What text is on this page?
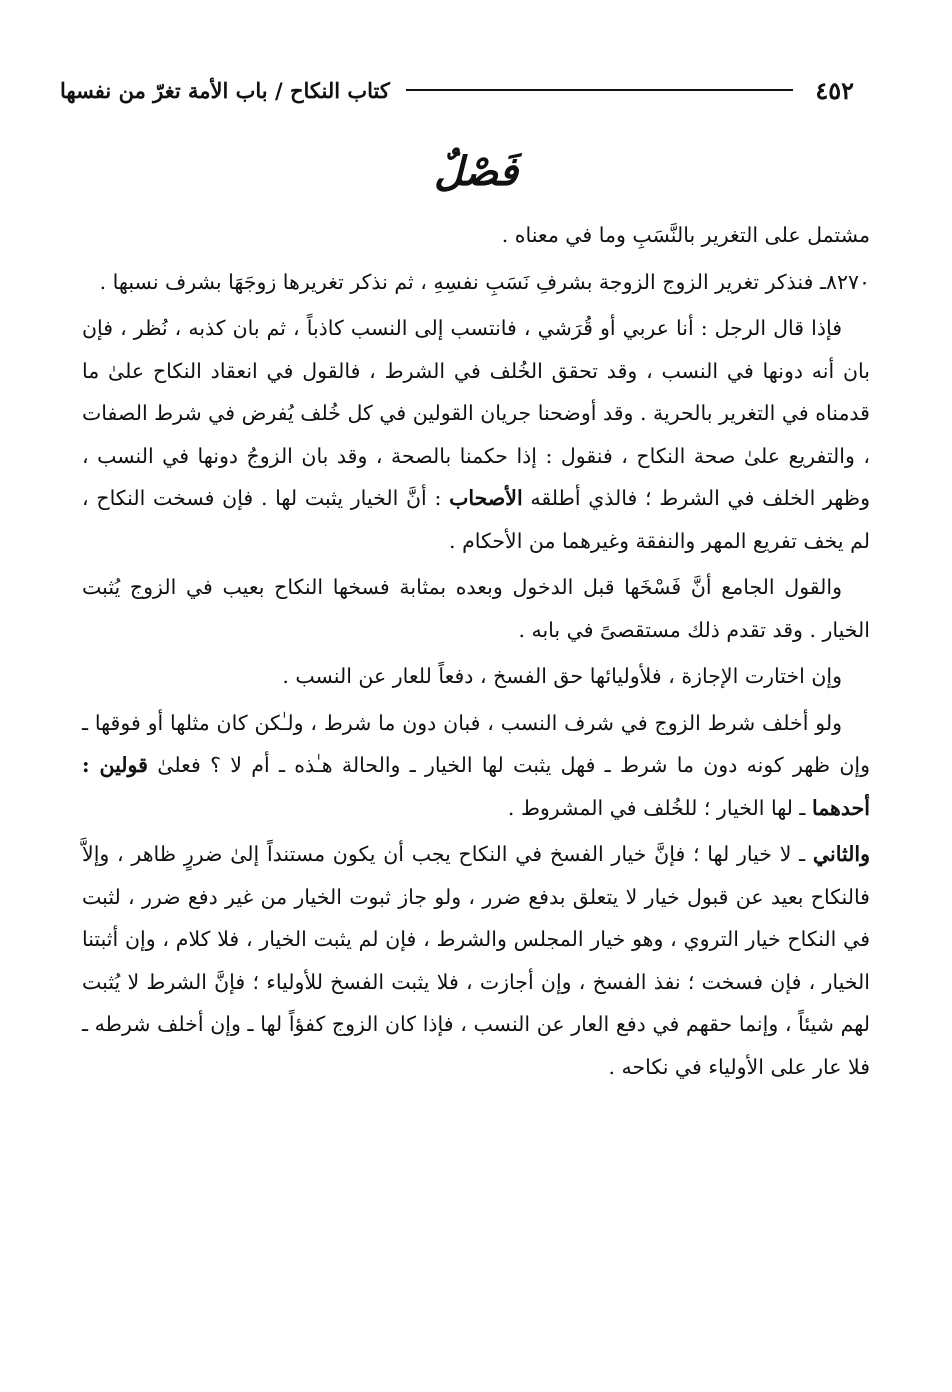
٤٥٢
كتاب النكاح / باب الأمة تغرّ من نفسها
فَصْلٌ

مشتمل على التغرير بالنَّسَبِ وما في معناه .

٨٢٧٠ـ فنذكر تغرير الزوج الزوجة بشرفِ نَسَبِ نفسِهِ ، ثم نذكر تغريرها زوجَهَا بشرف نسبها .

فإذا قال الرجل : أنا عربي أو قُرَشي ، فانتسب إلى النسب كاذباً ، ثم بان كذبه ، نُظر ، فإن بان أنه دونها في النسب ، وقد تحقق الخُلف في الشرط ، فالقول في انعقاد النكاح علىٰ ما قدمناه في التغرير بالحرية . وقد أوضحنا جريان القولين في كل خُلف يُفرض في شرط الصفات ، والتفريع علىٰ صحة النكاح ، فنقول : إذا حكمنا بالصحة ، وقد بان الزوجُ دونها في النسب ، وظهر الخلف في الشرط ؛ فالذي أطلقه الأصحاب : أنَّ الخيار يثبت لها . فإن فسخت النكاح ، لم يخف تفريع المهر والنفقة وغيرهما من الأحكام .

والقول الجامع أنَّ فَسْخَها قبل الدخول وبعده بمثابة فسخها النكاح بعيب في الزوج يُثبت الخيار . وقد تقدم ذلك مستقصىً في بابه .

وإن اختارت الإجازة ، فلأوليائها حق الفسخ ، دفعاً للعار عن النسب .

ولو أخلف شرط الزوج في شرف النسب ، فبان دون ما شرط ، ولـٰكن كان مثلها أو فوقها ـ وإن ظهر كونه دون ما شرط ـ فهل يثبت لها الخيار ـ والحالة هـٰذه ـ أم لا ؟ فعلىٰ قولين : أحدهما ـ لها الخيار ؛ للخُلف في المشروط .

والثاني ـ لا خيار لها ؛ فإنَّ خيار الفسخ في النكاح يجب أن يكون مستنداً إلىٰ ضررٍ ظاهر ، وإلاَّ فالنكاح بعيد عن قبول خيار لا يتعلق بدفع ضرر ، ولو جاز ثبوت الخيار من غير دفع ضرر ، لثبت في النكاح خيار التروي ، وهو خيار المجلس والشرط ، فإن لم يثبت الخيار ، فلا كلام ، وإن أثبتنا الخيار ، فإن فسخت ؛ نفذ الفسخ ، وإن أجازت ، فلا يثبت الفسخ للأولياء ؛ فإنَّ الشرط لا يُثبت لهم شيئاً ، وإنما حقهم في دفع العار عن النسب ، فإذا كان الزوج كفؤاً لها ـ وإن أخلف شرطه ـ فلا عار على الأولياء في نكاحه .
